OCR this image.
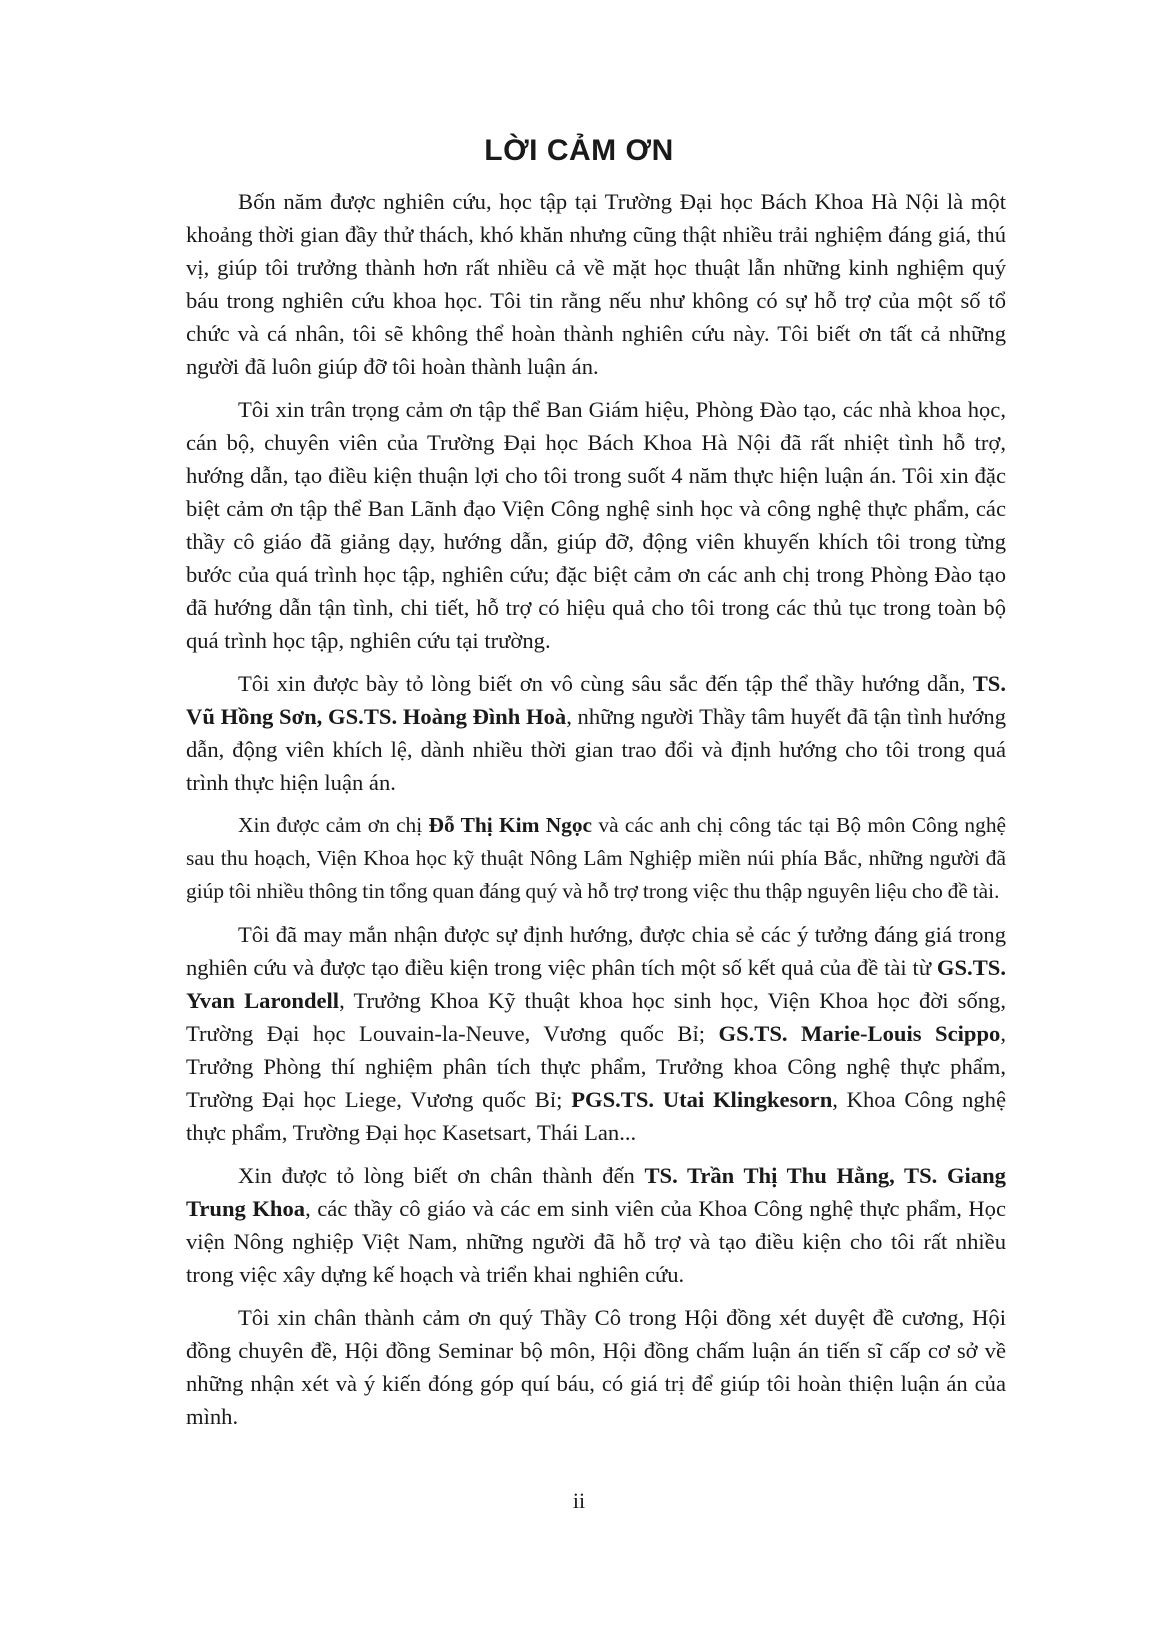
LỜI CẢM ƠN

Bốn năm được nghiên cứu, học tập tại Trường Đại học Bách Khoa Hà Nội là một khoảng thời gian đầy thử thách, khó khăn nhưng cũng thật nhiều trải nghiệm đáng giá, thú vị, giúp tôi trưởng thành hơn rất nhiều cả về mặt học thuật lẫn những kinh nghiệm quý báu trong nghiên cứu khoa học. Tôi tin rằng nếu như không có sự hỗ trợ của một số tổ chức và cá nhân, tôi sẽ không thể hoàn thành nghiên cứu này. Tôi biết ơn tất cả những người đã luôn giúp đỡ tôi hoàn thành luận án.

Tôi xin trân trọng cảm ơn tập thể Ban Giám hiệu, Phòng Đào tạo, các nhà khoa học, cán bộ, chuyên viên của Trường Đại học Bách Khoa Hà Nội đã rất nhiệt tình hỗ trợ, hướng dẫn, tạo điều kiện thuận lợi cho tôi trong suốt 4 năm thực hiện luận án. Tôi xin đặc biệt cảm ơn tập thể Ban Lãnh đạo Viện Công nghệ sinh học và công nghệ thực phẩm, các thầy cô giáo đã giảng dạy, hướng dẫn, giúp đỡ, động viên khuyến khích tôi trong từng bước của quá trình học tập, nghiên cứu; đặc biệt cảm ơn các anh chị trong Phòng Đào tạo đã hướng dẫn tận tình, chi tiết, hỗ trợ có hiệu quả cho tôi trong các thủ tục trong toàn bộ quá trình học tập, nghiên cứu tại trường.

Tôi xin được bày tỏ lòng biết ơn vô cùng sâu sắc đến tập thể thầy hướng dẫn, TS. Vũ Hồng Sơn, GS.TS. Hoàng Đình Hoà, những người Thầy tâm huyết đã tận tình hướng dẫn, động viên khích lệ, dành nhiều thời gian trao đổi và định hướng cho tôi trong quá trình thực hiện luận án.

Xin được cảm ơn chị Đỗ Thị Kim Ngọc và các anh chị công tác tại Bộ môn Công nghệ sau thu hoạch, Viện Khoa học kỹ thuật Nông Lâm Nghiệp miền núi phía Bắc, những người đã giúp tôi nhiều thông tin tổng quan đáng quý và hỗ trợ trong việc thu thập nguyên liệu cho đề tài.

Tôi đã may mắn nhận được sự định hướng, được chia sẻ các ý tưởng đáng giá trong nghiên cứu và được tạo điều kiện trong việc phân tích một số kết quả của đề tài từ GS.TS. Yvan Larondell, Trưởng Khoa Kỹ thuật khoa học sinh học, Viện Khoa học đời sống, Trường Đại học Louvain-la-Neuve, Vương quốc Bỉ; GS.TS. Marie-Louis Scippo, Trưởng Phòng thí nghiệm phân tích thực phẩm, Trưởng khoa Công nghệ thực phẩm, Trường Đại học Liege, Vương quốc Bỉ; PGS.TS. Utai Klingkesorn, Khoa Công nghệ thực phẩm, Trường Đại học Kasetsart, Thái Lan...

Xin được tỏ lòng biết ơn chân thành đến TS. Trần Thị Thu Hằng, TS. Giang Trung Khoa, các thầy cô giáo và các em sinh viên của Khoa Công nghệ thực phẩm, Học viện Nông nghiệp Việt Nam, những người đã hỗ trợ và tạo điều kiện cho tôi rất nhiều trong việc xây dựng kế hoạch và triển khai nghiên cứu.

Tôi xin chân thành cảm ơn quý Thầy Cô trong Hội đồng xét duyệt đề cương, Hội đồng chuyên đề, Hội đồng Seminar bộ môn, Hội đồng chấm luận án tiến sĩ cấp cơ sở về những nhận xét và ý kiến đóng góp quí báu, có giá trị để giúp tôi hoàn thiện luận án của mình.

ii
